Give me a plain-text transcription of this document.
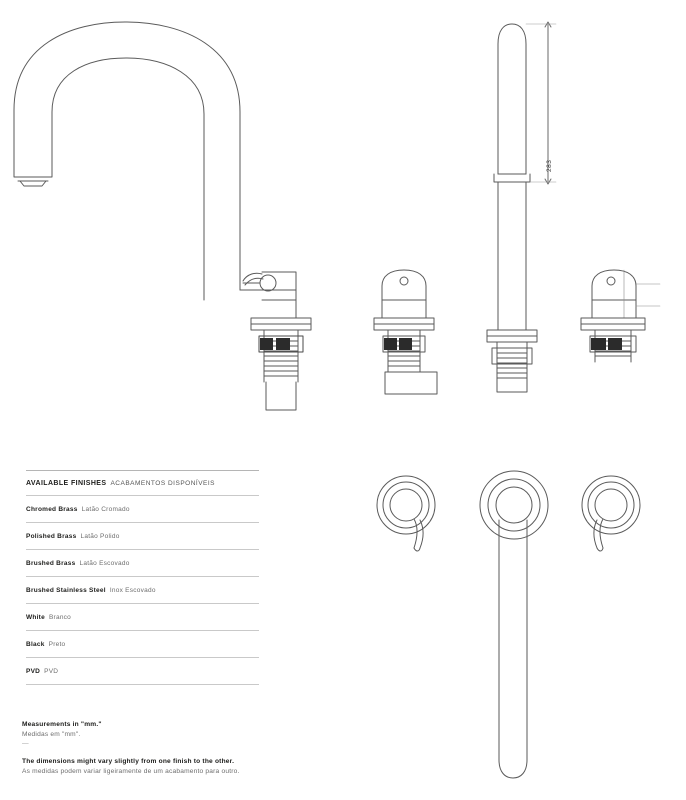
283
AVAILABLE FINISHES ACABAMENTOS DISPONÍVEIS
Chromed Brass Latão Cromado
Polished Brass Latão Polido
Brushed Brass Latão Escovado
Brushed Stainless Steel Inox Escovado
White Branco
Black Preto
PVD PVD
Measurements in "mm."
Medidas em "mm".
—
The dimensions might vary slightly from one finish to the other.
As medidas podem variar ligeiramente de um acabamento para outro.
